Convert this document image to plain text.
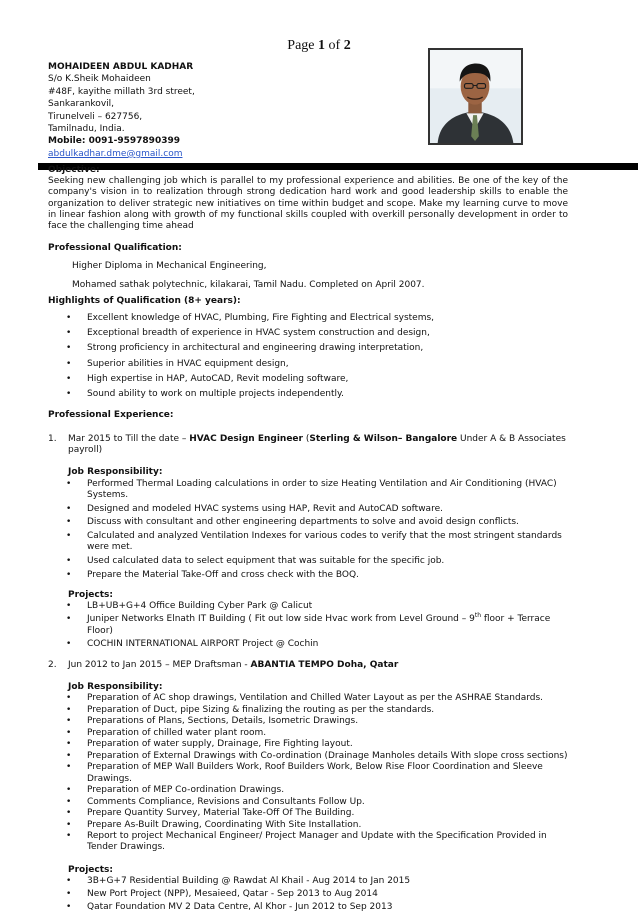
Page 1 of 2
MOHAIDEEN ABDUL KADHAR
S/o K.Sheik Mohaideen
#48F, kayithe millath 3rd street,
Sankarankovil,
Tirunelveli – 627756,
Tamilnadu, India.
Mobile: 0091-9597890399
abdulkadhar.dme@gmail.com
Objective:
Seeking new challenging job which is parallel to my professional experience and abilities. Be one of the key of the company's vision in to realization through strong dedication hard work and good leadership skills to enable the organization to deliver strategic new initiatives on time within budget and scope. Make my learning curve to move in linear fashion along with growth of my functional skills coupled with overkill personally development in order to face the challenging time ahead
Professional Qualification:
Higher Diploma in Mechanical Engineering,
Mohamed sathak polytechnic, kilakarai, Tamil Nadu. Completed on April 2007.
Highlights of Qualification (8+ years):
• Excellent knowledge of HVAC, Plumbing, Fire Fighting and Electrical systems,
• Exceptional breadth of experience in HVAC system construction and design,
• Strong proficiency in architectural and engineering drawing interpretation,
• Superior abilities in HVAC equipment design,
• High expertise in HAP, AutoCAD, Revit modeling software,
• Sound ability to work on multiple projects independently.
Professional Experience:
1. Mar 2015 to Till the date – HVAC Design Engineer (Sterling & Wilson– Bangalore Under A & B Associates payroll)
Job Responsibility:
• Performed Thermal Loading calculations in order to size Heating Ventilation and Air Conditioning (HVAC) Systems.
• Designed and modeled HVAC systems using HAP, Revit and AutoCAD software.
• Discuss with consultant and other engineering departments to solve and avoid design conflicts.
• Calculated and analyzed Ventilation Indexes for various codes to verify that the most stringent standards were met.
• Used calculated data to select equipment that was suitable for the specific job.
• Prepare the Material Take-Off and cross check with the BOQ.
Projects:
• LB+UB+G+4 Office Building Cyber Park @ Calicut
• Juniper Networks Elnath IT Building ( Fit out low side Hvac work from Level Ground – 9th floor + Terrace Floor)
• COCHIN INTERNATIONAL AIRPORT Project @ Cochin
2. Jun 2012 to Jan 2015 – MEP Draftsman - ABANTIA TEMPO Doha, Qatar
Job Responsibility:
• Preparation of AC shop drawings, Ventilation and Chilled Water Layout as per the ASHRAE Standards.
• Preparation of Duct, pipe Sizing & finalizing the routing as per the standards.
• Preparations of Plans, Sections, Details, Isometric Drawings.
• Preparation of chilled water plant room.
• Preparation of water supply, Drainage, Fire Fighting layout.
• Preparation of External Drawings with Co-ordination (Drainage Manholes details With slope cross sections)
• Preparation of MEP Wall Builders Work, Roof Builders Work, Below Rise Floor Coordination and Sleeve Drawings.
• Preparation of MEP Co-ordination Drawings.
• Comments Compliance, Revisions and Consultants Follow Up.
• Prepare Quantity Survey, Material Take-Off Of The Building.
• Prepare As-Built Drawing, Coordinating With Site Installation.
• Report to project Mechanical Engineer/ Project Manager and Update with the Specification Provided in Tender Drawings.
Projects:
• 3B+G+7 Residential Building @ Rawdat Al Khail - Aug 2014 to Jan 2015
• New Port Project (NPP), Mesaieed, Qatar - Sep 2013 to Aug 2014
• Qatar Foundation MV 2 Data Centre, Al Khor - Jun 2012 to Sep 2013
